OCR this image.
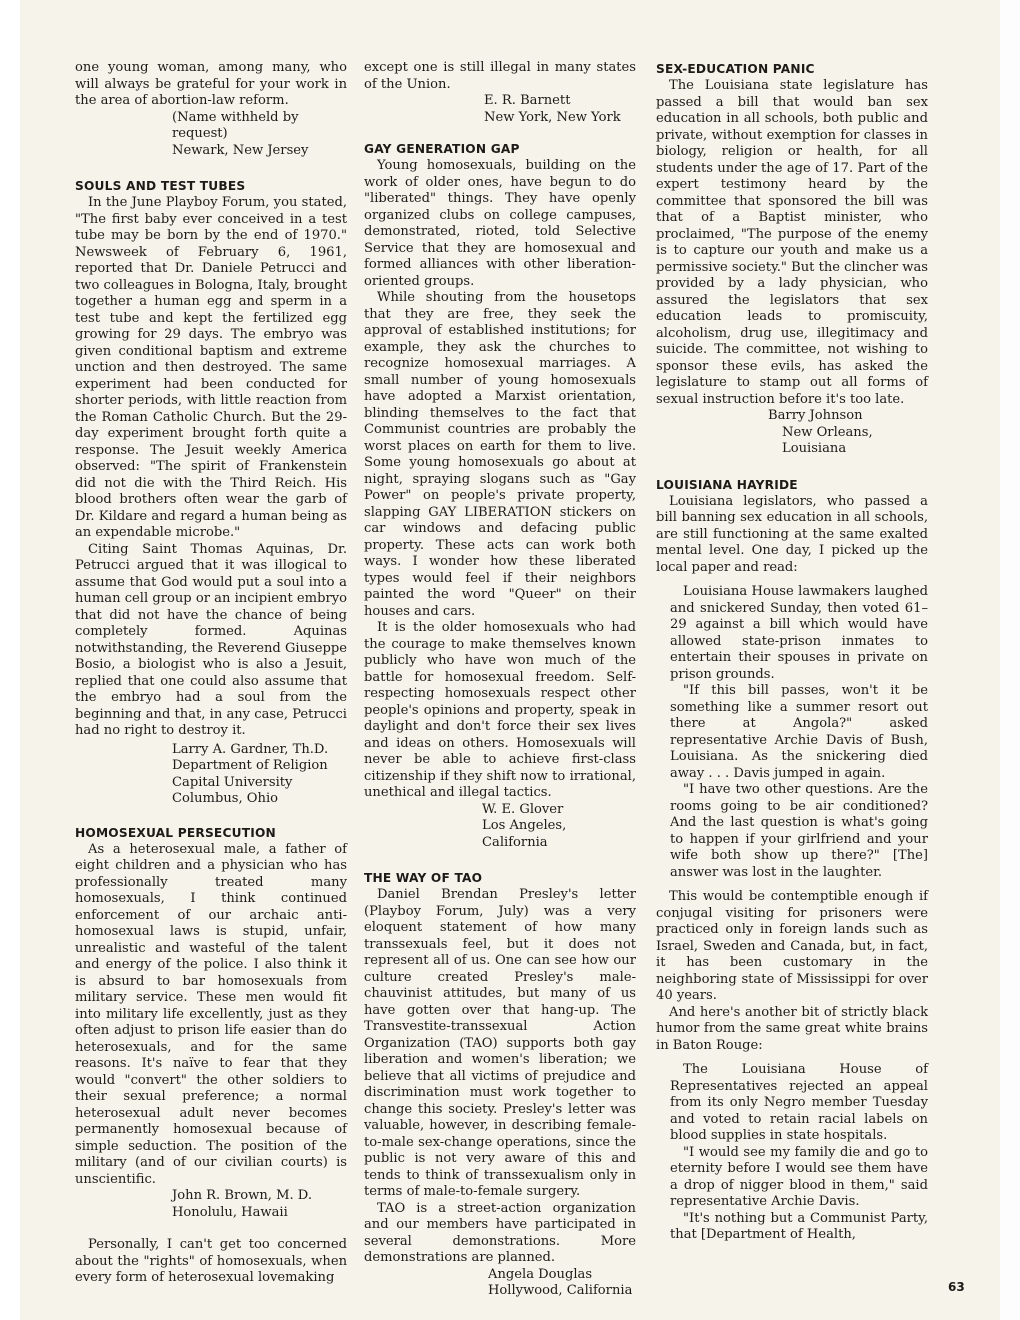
one young woman, among many, who will always be grateful for your work in the area of abortion-law reform.

(Name withheld by request)
Newark, New Jersey
SOULS AND TEST TUBES

In the June Playboy Forum, you stated, "The first baby ever conceived in a test tube may be born by the end of 1970." Newsweek of February 6, 1961, reported that Dr. Daniele Petrucci and two colleagues in Bologna, Italy, brought together a human egg and sperm in a test tube and kept the fertilized egg growing for 29 days. The embryo was given conditional baptism and extreme unction and then destroyed. The same experiment had been conducted for shorter periods, with little reaction from the Roman Catholic Church. But the 29-day experiment brought forth quite a response. The Jesuit weekly America observed: "The spirit of Frankenstein did not die with the Third Reich. His blood brothers often wear the garb of Dr. Kildare and regard a human being as an expendable microbe."

Citing Saint Thomas Aquinas, Dr. Petrucci argued that it was illogical to assume that God would put a soul into a human cell group or an incipient embryo that did not have the chance of being completely formed. Aquinas notwithstanding, the Reverend Giuseppe Bosio, a biologist who is also a Jesuit, replied that one could also assume that the embryo had a soul from the beginning and that, in any case, Petrucci had no right to destroy it.

Larry A. Gardner, Th.D.
Department of Religion
Capital University
Columbus, Ohio
HOMOSEXUAL PERSECUTION

As a heterosexual male, a father of eight children and a physician who has professionally treated many homosexuals, I think continued enforcement of our archaic anti-homosexual laws is stupid, unfair, unrealistic and wasteful of the talent and energy of the police. I also think it is absurd to bar homosexuals from military service. These men would fit into military life excellently, just as they often adjust to prison life easier than do heterosexuals, and for the same reasons. It's naïve to fear that they would "convert" the other soldiers to their sexual preference; a normal heterosexual adult never becomes permanently homosexual because of simple seduction. The position of the military (and of our civilian courts) is unscientific.

John R. Brown, M. D.
Honolulu, Hawaii

Personally, I can't get too concerned about the "rights" of homosexuals, when every form of heterosexual lovemaking

except one is still illegal in many states of the Union.

E. R. Barnett
New York, New York
GAY GENERATION GAP

Young homosexuals, building on the work of older ones, have begun to do "liberated" things. They have openly organized clubs on college campuses, demonstrated, rioted, told Selective Service that they are homosexual and formed alliances with other liberation-oriented groups.

While shouting from the housetops that they are free, they seek the approval of established institutions; for example, they ask the churches to recognize homosexual marriages. A small number of young homosexuals have adopted a Marxist orientation, blinding themselves to the fact that Communist countries are probably the worst places on earth for them to live. Some young homosexuals go about at night, spraying slogans such as "Gay Power" on people's private property, slapping GAY LIBERATION stickers on car windows and defacing public property. These acts can work both ways. I wonder how these liberated types would feel if their neighbors painted the word "Queer" on their houses and cars.

It is the older homosexuals who had the courage to make themselves known publicly who have won much of the battle for homosexual freedom. Self-respecting homosexuals respect other people's opinions and property, speak in daylight and don't force their sex lives and ideas on others. Homosexuals will never be able to achieve first-class citizenship if they shift now to irrational, unethical and illegal tactics.

W. E. Glover
Los Angeles, California
THE WAY OF TAO

Daniel Brendan Presley's letter (Playboy Forum, July) was a very eloquent statement of how many transsexuals feel, but it does not represent all of us. One can see how our culture created Presley's male-chauvinist attitudes, but many of us have gotten over that hang-up. The Transvestite-transsexual Action Organization (TAO) supports both gay liberation and women's liberation; we believe that all victims of prejudice and discrimination must work together to change this society. Presley's letter was valuable, however, in describing female-to-male sex-change operations, since the public is not very aware of this and tends to think of transsexualism only in terms of male-to-female surgery.

TAO is a street-action organization and our members have participated in several demonstrations. More demonstrations are planned.

Angela Douglas
Hollywood, California
SEX-EDUCATION PANIC

The Louisiana state legislature has passed a bill that would ban sex education in all schools, both public and private, without exemption for classes in biology, religion or health, for all students under the age of 17. Part of the expert testimony heard by the committee that sponsored the bill was that of a Baptist minister, who proclaimed, "The purpose of the enemy is to capture our youth and make us a permissive society." But the clincher was provided by a lady physician, who assured the legislators that sex education leads to promiscuity, alcoholism, drug use, illegitimacy and suicide. The committee, not wishing to sponsor these evils, has asked the legislature to stamp out all forms of sexual instruction before it's too late.

Barry Johnson
New Orleans, Louisiana
LOUISIANA HAYRIDE

Louisiana legislators, who passed a bill banning sex education in all schools, are still functioning at the same exalted mental level. One day, I picked up the local paper and read:

Louisiana House lawmakers laughed and snickered Sunday, then voted 61–29 against a bill which would have allowed state-prison inmates to entertain their spouses in private on prison grounds.

"If this bill passes, won't it be something like a summer resort out there at Angola?" asked representative Archie Davis of Bush, Louisiana. As the snickering died away . . . Davis jumped in again.

"I have two other questions. Are the rooms going to be air conditioned? And the last question is what's going to happen if your girlfriend and your wife both show up there?" [The] answer was lost in the laughter.

This would be contemptible enough if conjugal visiting for prisoners were practiced only in foreign lands such as Israel, Sweden and Canada, but, in fact, it has been customary in the neighboring state of Mississippi for over 40 years.

And here's another bit of strictly black humor from the same great white brains in Baton Rouge:

The Louisiana House of Representatives rejected an appeal from its only Negro member Tuesday and voted to retain racial labels on blood supplies in state hospitals.

"I would see my family die and go to eternity before I would see them have a drop of nigger blood in them," said representative Archie Davis.

"It's nothing but a Communist Party, that [Department of Health,

63
